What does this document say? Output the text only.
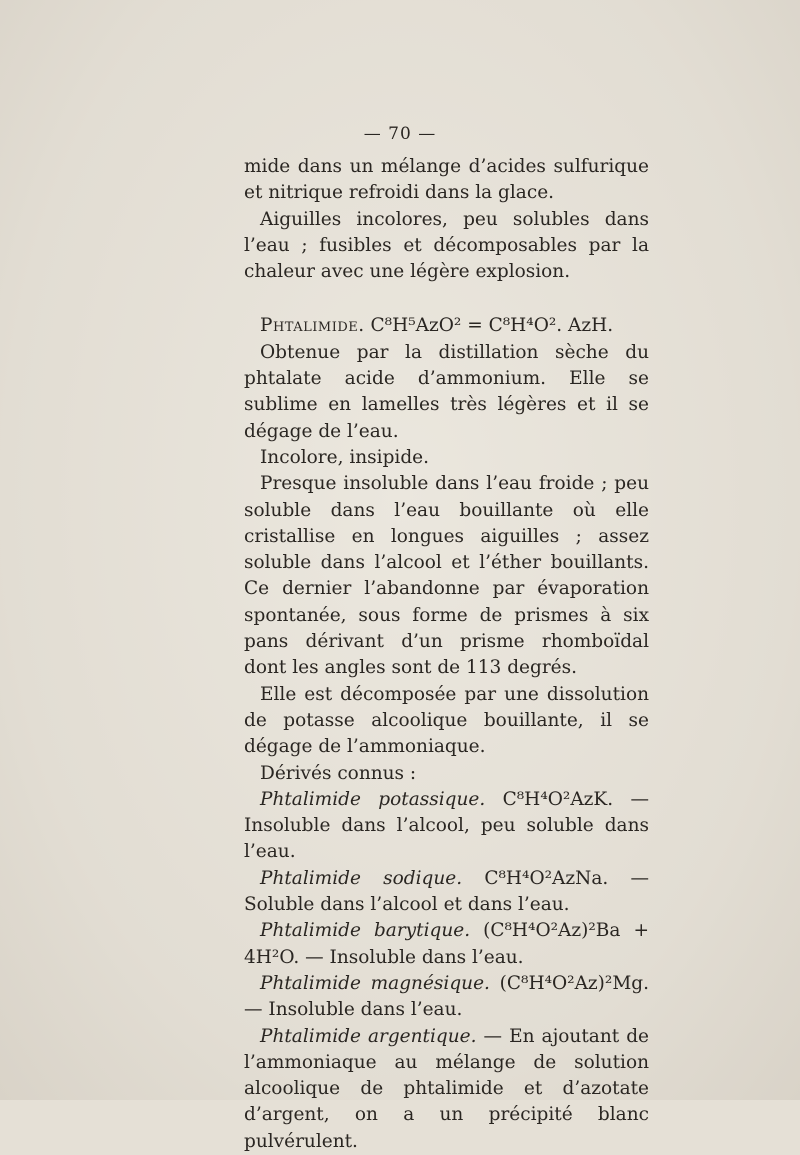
— 70 —

mide dans un mélange d’acides sulfurique et nitrique refroidi dans la glace.

Aiguilles incolores, peu solubles dans l’eau ; fusibles et décomposables par la chaleur avec une légère explosion.

Phtalimide. C⁸H⁵AzO² = C⁸H⁴O². AzH.

Obtenue par la distillation sèche du phtalate acide d’ammonium. Elle se sublime en lamelles très légères et il se dégage de l’eau.

Incolore, insipide.

Presque insoluble dans l’eau froide ; peu soluble dans l’eau bouillante où elle cristallise en longues aiguilles ; assez soluble dans l’alcool et l’éther bouillants. Ce dernier l’abandonne par évaporation spontanée, sous forme de prismes à six pans dérivant d’un prisme rhomboïdal dont les angles sont de 113 degrés.

Elle est décomposée par une dissolution de potasse alcoolique bouillante, il se dégage de l’ammoniaque.

Dérivés connus :

Phtalimide potassique. C⁸H⁴O²AzK. — Insoluble dans l’alcool, peu soluble dans l’eau.

Phtalimide sodique. C⁸H⁴O²AzNa. — Soluble dans l’alcool et dans l’eau.

Phtalimide barytique. (C⁸H⁴O²Az)²Ba + 4H²O. — Insoluble dans l’eau.

Phtalimide magnésique. (C⁸H⁴O²Az)²Mg. — Insoluble dans l’eau.

Phtalimide argentique. — En ajoutant de l’ammoniaque au mélange de solution alcoolique de phtalimide et d’azotate d’argent, on a un précipité blanc pulvérulent.
